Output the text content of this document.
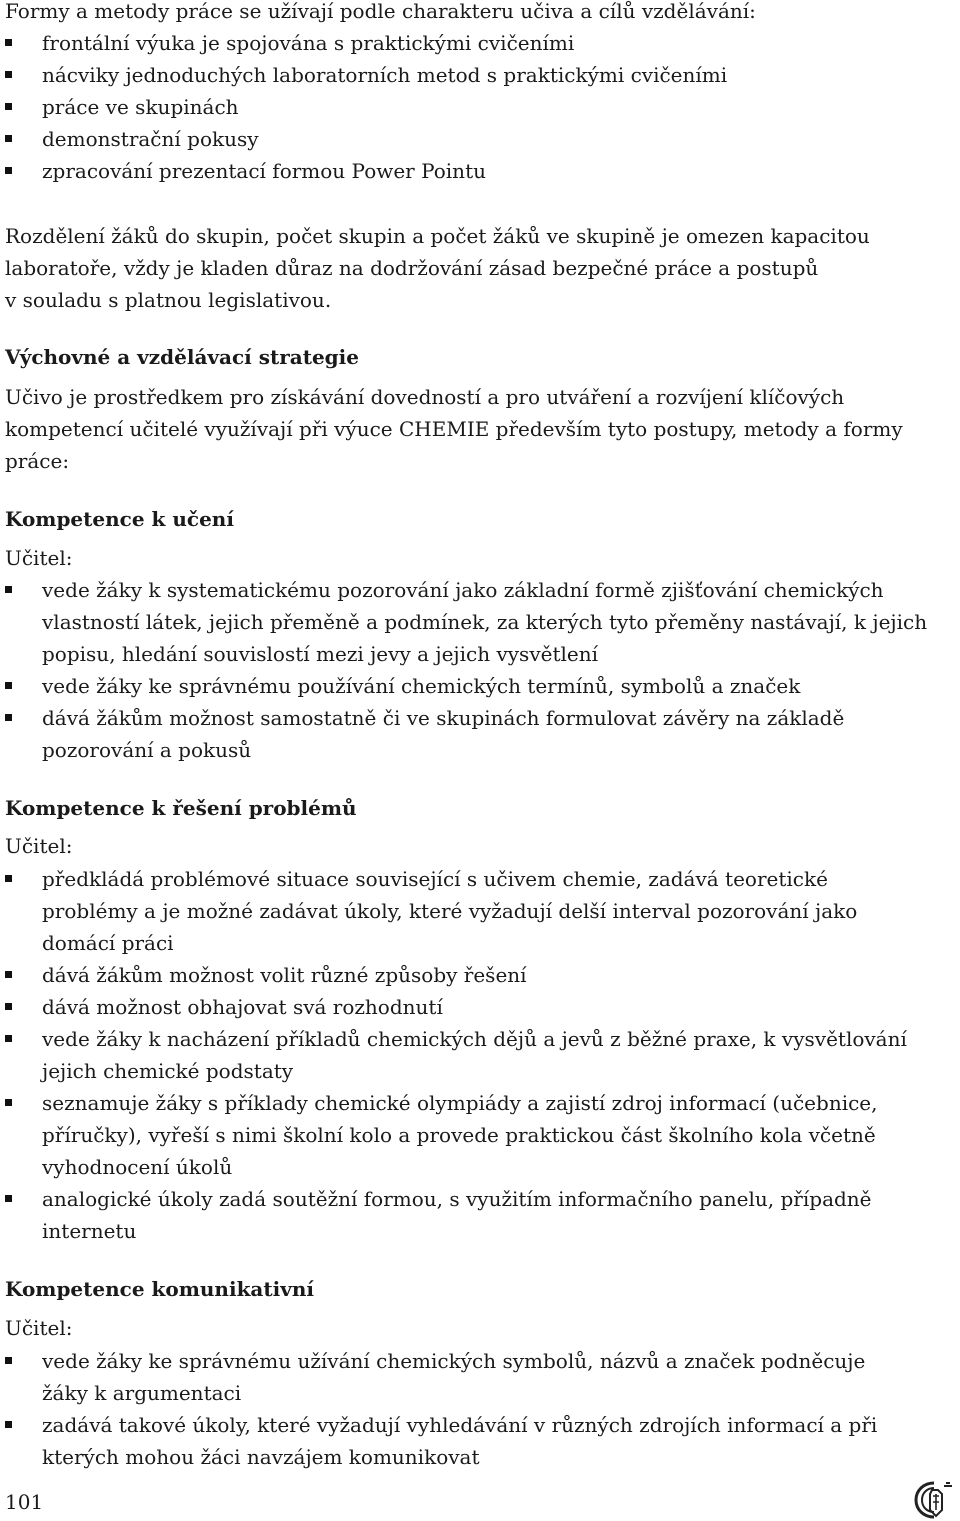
Formy a metody práce se užívají podle charakteru učiva a cílů vzdělávání:

frontální výuka je spojována s praktickými cvičeními
nácviky jednoduchých laboratorních metod s praktickými cvičeními
práce ve skupinách
demonstrační pokusy
zpracování prezentací formou Power Pointu

Rozdělení žáků do skupin, počet skupin a počet žáků ve skupině je omezen kapacitou

laboratoře, vždy je kladen důraz na dodržování zásad bezpečné práce a postupů

v souladu s platnou legislativou.

Výchovné a vzdělávací strategie

Učivo je prostředkem pro získávání dovedností a pro utváření a rozvíjení klíčových

kompetencí učitelé využívají při výuce CHEMIE především tyto postupy, metody a formy

práce:

Kompetence k učení

Učitel:

vede žáky k systematickému pozorování jako základní formě zjišťování chemických
vlastností látek, jejich přeměně a podmínek, za kterých tyto přeměny nastávají, k jejich
popisu, hledání souvislostí mezi jevy a jejich vysvětlení
vede žáky ke správnému používání chemických termínů, symbolů a značek
dává žákům možnost samostatně či ve skupinách formulovat závěry na základě
pozorování a pokusů

Kompetence k řešení problémů

Učitel:

předkládá problémové situace související s učivem chemie, zadává teoretické
problémy a je možné zadávat úkoly, které vyžadují delší interval pozorování jako
domácí práci
dává žákům možnost volit různé způsoby řešení
dává možnost obhajovat svá rozhodnutí
vede žáky k nacházení příkladů chemických dějů a jevů z běžné praxe, k vysvětlování
jejich chemické podstaty
seznamuje žáky s příklady chemické olympiády a zajistí zdroj informací (učebnice,
příručky), vyřeší s nimi školní kolo a provede praktickou část školního kola včetně
vyhodnocení úkolů
analogické úkoly zadá soutěžní formou, s využitím informačního panelu, případně
internetu

Kompetence komunikativní

Učitel:

vede žáky ke správnému užívání chemických symbolů, názvů a značek podněcuje
žáky k argumentaci
zadává takové úkoly, které vyžadují vyhledávání v různých zdrojích informací a při
kterých mohou žáci navzájem komunikovat
101
